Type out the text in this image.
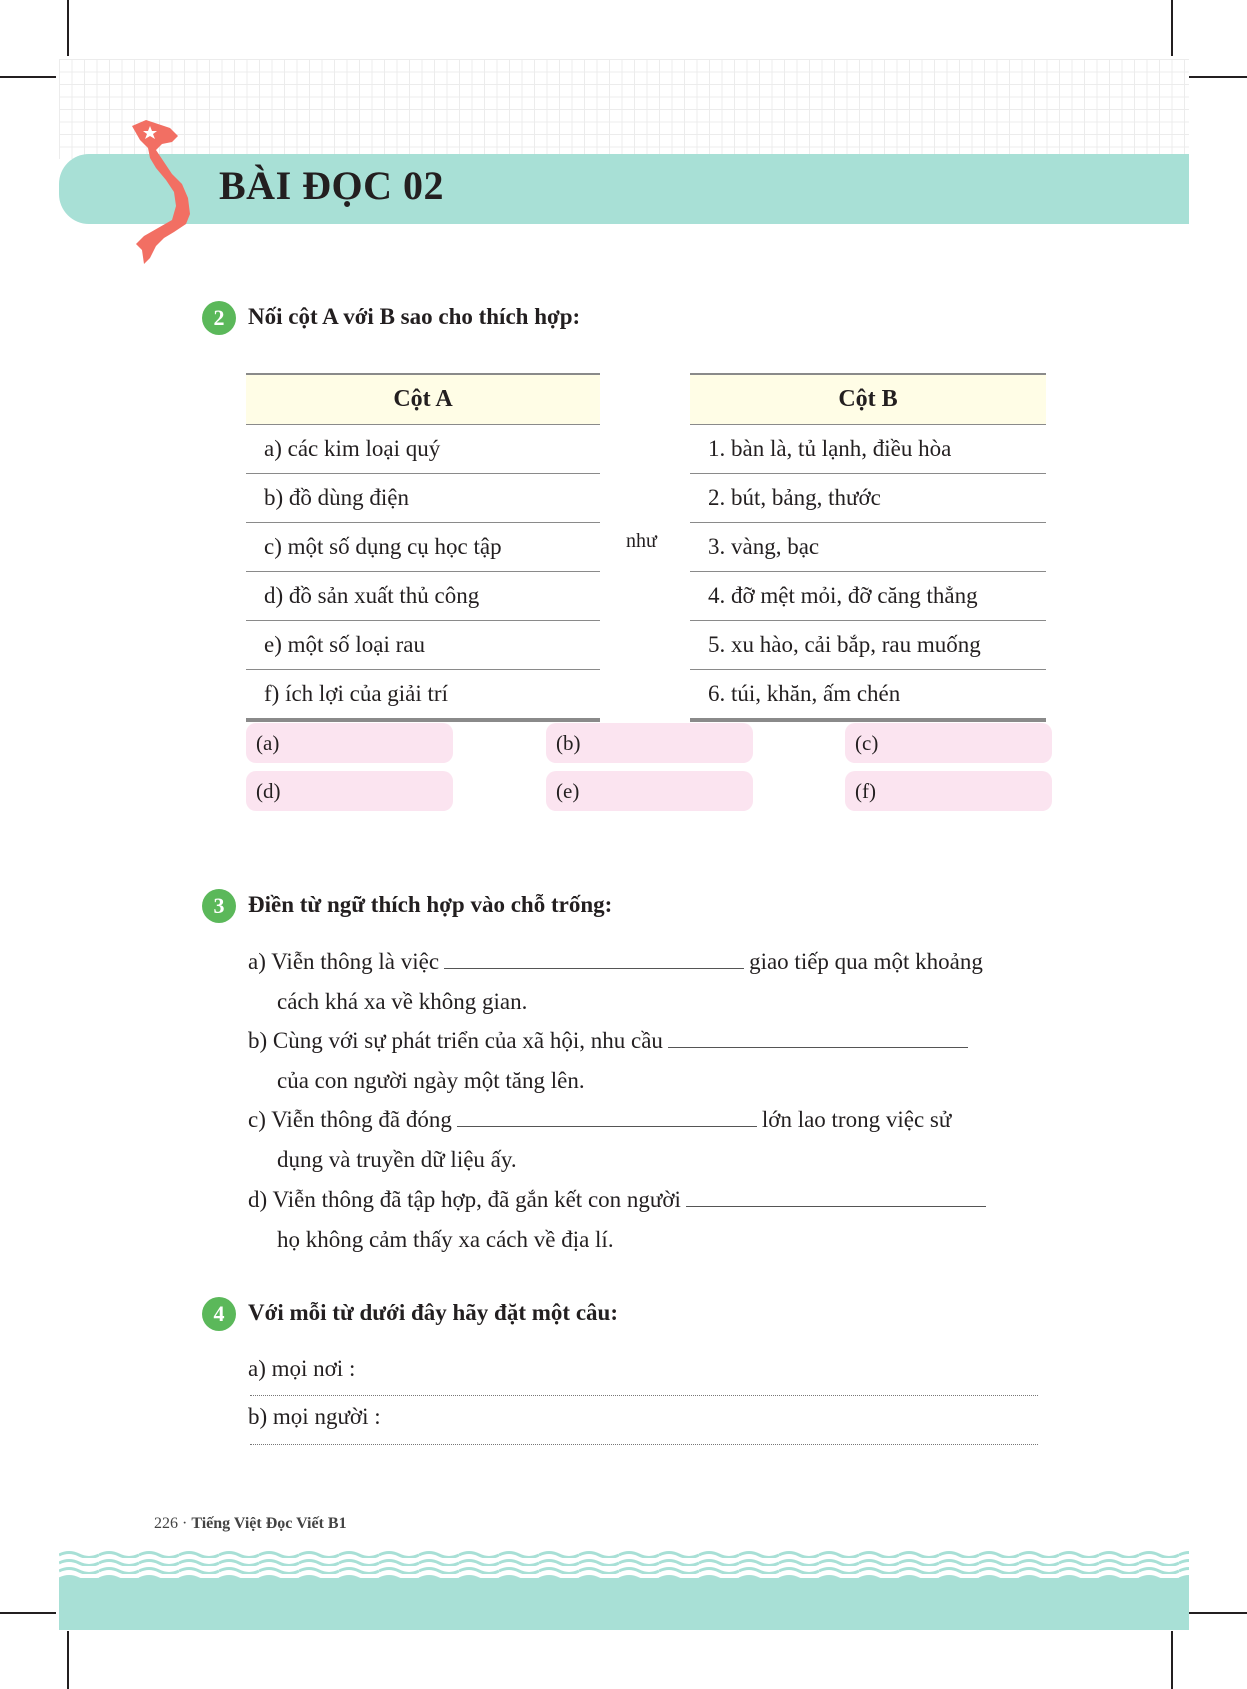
BÀI ĐỌC 02
2	Nối cột A với B sao cho thích hợp:
Cột A
a) các kim loại quý
b) đồ dùng điện
c) một số dụng cụ học tập
d) đồ sản xuất thủ công
e) một số loại rau
f) ích lợi của giải trí
như
Cột B
1. bàn là, tủ lạnh, điều hòa
2. bút, bảng, thước
3. vàng, bạc
4. đỡ mệt mỏi, đỡ căng thẳng
5. xu hào, cải bắp, rau muống
6. túi, khăn, ấm chén
(a)	(b)	(c)
(d)	(e)	(f)
3	Điền từ ngữ thích hợp vào chỗ trống:
a) Viễn thông là việc	giao tiếp qua một khoảng
cách khá xa về không gian.
b) Cùng với sự phát triển của xã hội, nhu cầu
của con người ngày một tăng lên.
c) Viễn thông đã đóng	lớn lao trong việc sử
dụng và truyền dữ liệu ấy.
d) Viễn thông đã tập hợp, đã gắn kết con người
họ không cảm thấy xa cách về địa lí.
4	Với mỗi từ dưới đây hãy đặt một câu:
a) mọi nơi :
b) mọi người :
226 · Tiếng Việt Đọc Viết B1
